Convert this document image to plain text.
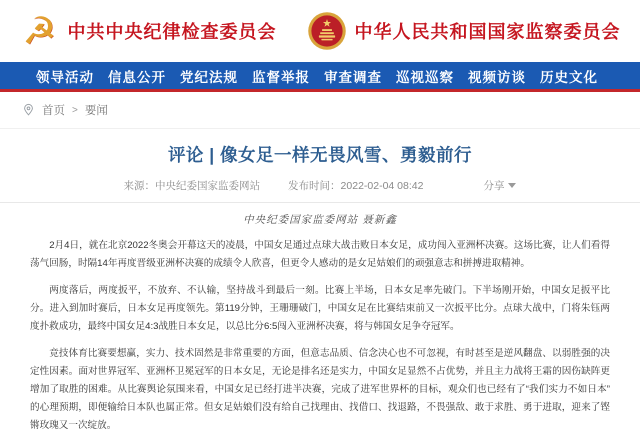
☭ 中共中央纪律检查委员会	中华人民共和国国家监察委员会
领导活动 信息公开 党纪法规 监督举报 审查调查 巡视巡察 视频访谈 历史文化
首页 > 要闻
评论 | 像女足一样无畏风雪、勇毅前行
来源：中央纪委国家监委网站	发布时间：2022-02-04 08:42	分享
中央纪委国家监委网站 聂新鑫

2月4日，就在北京2022冬奥会开幕这天的凌晨，中国女足通过点球大战击败日本女足，成功闯入亚洲杯决赛。这场比赛，让人们看得荡气回肠，时隔14年再度晋级亚洲杯决赛的成绩令人欣喜，但更令人感动的是女足姑娘们的顽强意志和拼搏进取精神。

两度落后，两度扳平，不放弃、不认输，坚持战斗到最后一刻。比赛上半场，日本女足率先破门。下半场刚开始，中国女足扳平比分。进入到加时赛后，日本女足再度领先。第119分钟，王珊珊破门，中国女足在比赛结束前又一次扳平比分。点球大战中，门将朱钰两度扑救成功，最终中国女足4:3战胜日本女足，以总比分6:5闯入亚洲杯决赛，将与韩国女足争夺冠军。

竞技体育比赛要想赢，实力、技术固然是非常重要的方面，但意志品质、信念决心也不可忽视，有时甚至是逆风翻盘、以弱胜强的决定性因素。面对世界冠军、亚洲杯卫冕冠军的日本女足，无论是排名还是实力，中国女足显然不占优势，并且主力战将王霜的因伤缺阵更增加了取胜的困难。从比赛舆论氛围来看，中国女足已经打进半决赛，完成了进军世界杯的目标，观众们也已经有了“我们实力不如日本”的心理预期，即便输给日本队也属正常。但女足姑娘们没有给自己找理由、找借口、找退路，不畏强敌、敢于求胜、勇于进取，迎来了铿锵玫瑰又一次绽放。
